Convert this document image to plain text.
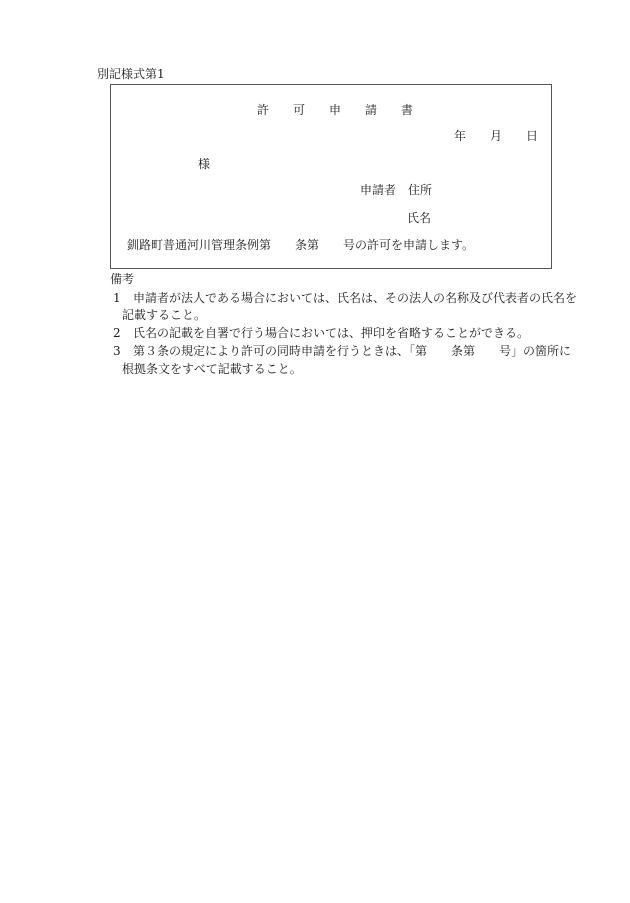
別記様式第1
許　　可　　申　　請　　書
年　　月　　日
様
申請者　住所
氏名
釧路町普通河川管理条例第　　条第　　号の許可を申請します。
備考
1 申請者が法人である場合においては、氏名は、その法人の名称及び代表者の氏名を
記載すること。
2 氏名の記載を自署で行う場合においては、押印を省略することができる。
3 第３条の規定により許可の同時申請を行うときは、「第　　条第　　号」の箇所に
根拠条文をすべて記載すること。
